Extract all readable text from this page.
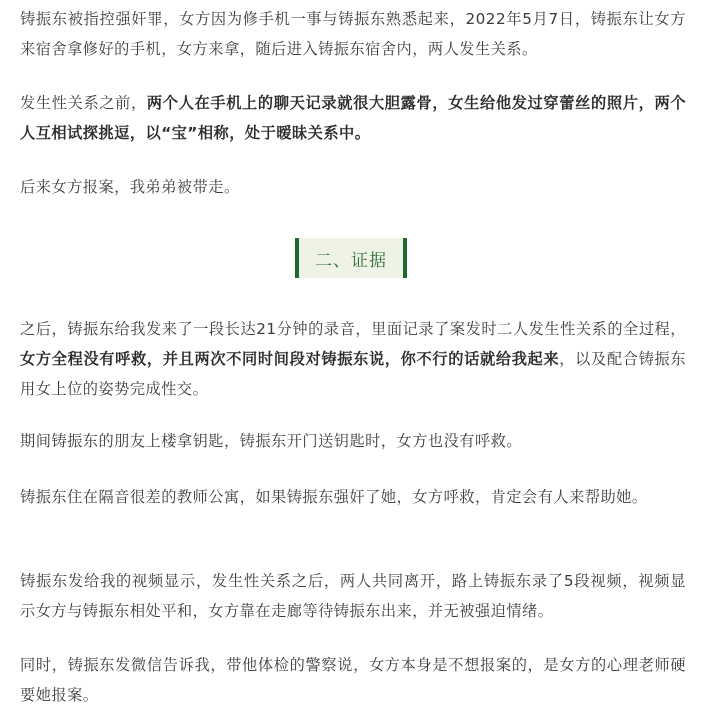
铸振东被指控强奸罪，女方因为修手机一事与铸振东熟悉起来，2022年5月7日，铸振东让女方来宿舍拿修好的手机，女方来拿，随后进入铸振东宿舍内，两人发生关系。

发生性关系之前，两个人在手机上的聊天记录就很大胆露骨，女生给他发过穿蕾丝的照片，两个人互相试探挑逗，以“宝”相称，处于暧昧关系中。

后来女方报案，我弟弟被带走。

之后，铸振东给我发来了一段长达21分钟的录音，里面记录了案发时二人发生性关系的全过程，女方全程没有呼救，并且两次不同时间段对铸振东说，你不行的话就给我起来，以及配合铸振东用女上位的姿势完成性交。

期间铸振东的朋友上楼拿钥匙，铸振东开门送钥匙时，女方也没有呼救。

铸振东住在隔音很差的教师公寓，如果铸振东强奸了她，女方呼救，肯定会有人来帮助她。

铸振东发给我的视频显示，发生性关系之后，两人共同离开，路上铸振东录了5段视频，视频显示女方与铸振东相处平和，女方靠在走廊等待铸振东出来，并无被强迫情绪。

同时，铸振东发微信告诉我，带他体检的警察说，女方本身是不想报案的，是女方的心理老师硬要她报案。

二、证据
